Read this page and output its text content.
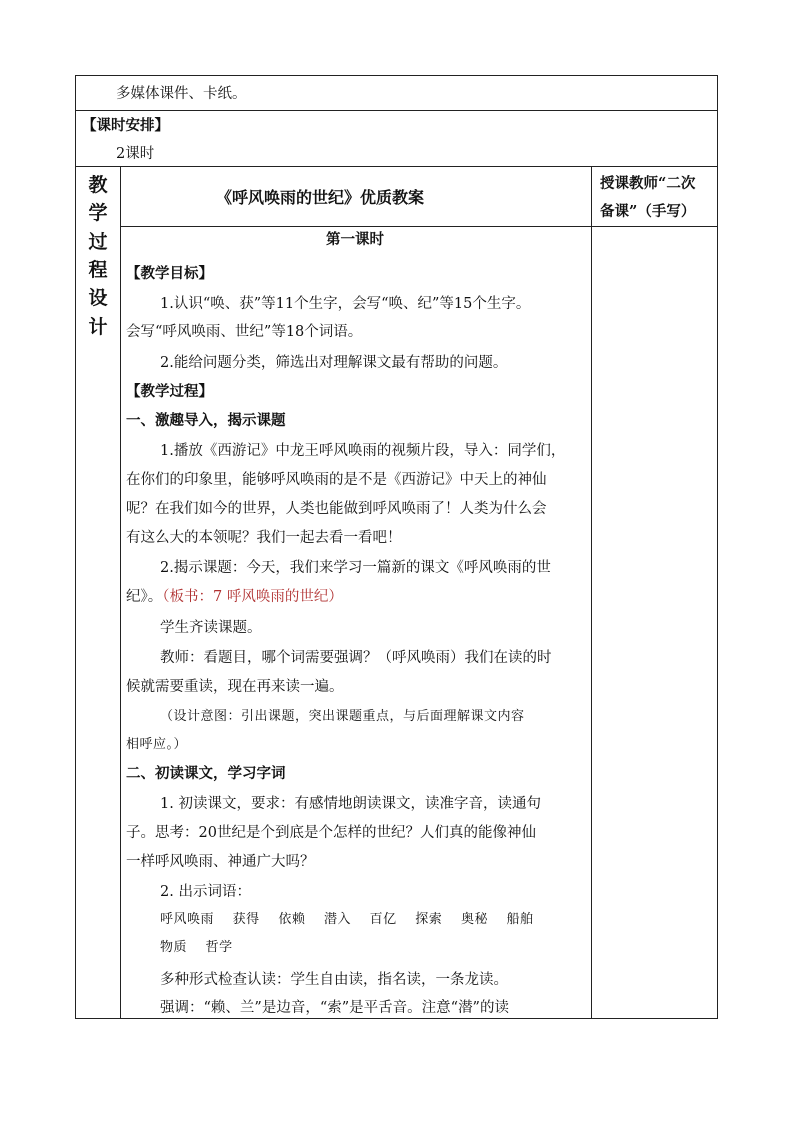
多媒体课件、卡纸。
【课时安排】
2课时
教
学
过
程
设
计
《呼风唤雨的世纪》优质教案
授课教师“二次
备课”（手写）
第一课时
【教学目标】
1.认识“唤、获”等11个生字，会写“唤、纪”等15个生字。
会写“呼风唤雨、世纪”等18个词语。
2.能给问题分类，筛选出对理解课文最有帮助的问题。
【教学过程】
一、激趣导入，揭示课题
1.播放《西游记》中龙王呼风唤雨的视频片段，导入：同学们，
在你们的印象里，能够呼风唤雨的是不是《西游记》中天上的神仙
呢？在我们如今的世界，人类也能做到呼风唤雨了！人类为什么会
有这么大的本领呢？我们一起去看一看吧！
2.揭示课题：今天，我们来学习一篇新的课文《呼风唤雨的世
纪》。（板书：7 呼风唤雨的世纪）
学生齐读课题。
教师：看题目，哪个词需要强调？（呼风唤雨）我们在读的时
候就需要重读，现在再来读一遍。
（设计意图：引出课题，突出课题重点，与后面理解课文内容
相呼应。）
二、初读课文，学习字词
1. 初读课文，要求：有感情地朗读课文，读准字音，读通句
子。思考：20世纪是个到底是个怎样的世纪？人们真的能像神仙
一样呼风唤雨、神通广大吗？
2. 出示词语：
呼风唤雨 获得 依赖 潜入 百亿 探索 奥秘 船舶
物质 哲学
多种形式检查认读：学生自由读，指名读，一条龙读。
强调：“赖、兰”是边音，“索”是平舌音。注意“潜”的读
